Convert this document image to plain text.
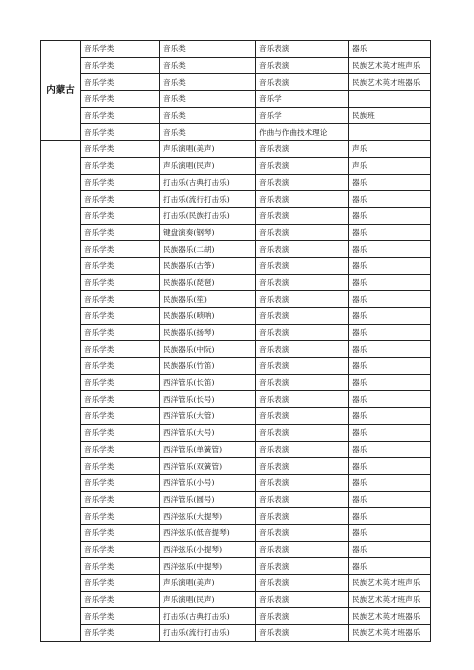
内蒙古	音乐学类	音乐类	音乐表演	器乐
	音乐学类	音乐类	音乐表演	民族艺术英才班声乐
	音乐学类	音乐类	音乐表演	民族艺术英才班器乐
	音乐学类	音乐类	音乐学	
	音乐学类	音乐类	音乐学	民族班
	音乐学类	音乐类	作曲与作曲技术理论	
	音乐学类	声乐演唱(美声)	音乐表演	声乐
	音乐学类	声乐演唱(民声)	音乐表演	声乐
	音乐学类	打击乐(古典打击乐)	音乐表演	器乐
	音乐学类	打击乐(流行打击乐)	音乐表演	器乐
	音乐学类	打击乐(民族打击乐)	音乐表演	器乐
	音乐学类	键盘演奏(钢琴)	音乐表演	器乐
	音乐学类	民族器乐(二胡)	音乐表演	器乐
	音乐学类	民族器乐(古筝)	音乐表演	器乐
	音乐学类	民族器乐(琵琶)	音乐表演	器乐
	音乐学类	民族器乐(笙)	音乐表演	器乐
	音乐学类	民族器乐(唢呐)	音乐表演	器乐
	音乐学类	民族器乐(扬琴)	音乐表演	器乐
	音乐学类	民族器乐(中阮)	音乐表演	器乐
	音乐学类	民族器乐(竹笛)	音乐表演	器乐
	音乐学类	西洋管乐(长笛)	音乐表演	器乐
	音乐学类	西洋管乐(长号)	音乐表演	器乐
	音乐学类	西洋管乐(大管)	音乐表演	器乐
	音乐学类	西洋管乐(大号)	音乐表演	器乐
	音乐学类	西洋管乐(单簧管)	音乐表演	器乐
	音乐学类	西洋管乐(双簧管)	音乐表演	器乐
	音乐学类	西洋管乐(小号)	音乐表演	器乐
	音乐学类	西洋管乐(圆号)	音乐表演	器乐
	音乐学类	西洋弦乐(大提琴)	音乐表演	器乐
	音乐学类	西洋弦乐(低音提琴)	音乐表演	器乐
	音乐学类	西洋弦乐(小提琴)	音乐表演	器乐
	音乐学类	西洋弦乐(中提琴)	音乐表演	器乐
	音乐学类	声乐演唱(美声)	音乐表演	民族艺术英才班声乐
	音乐学类	声乐演唱(民声)	音乐表演	民族艺术英才班声乐
	音乐学类	打击乐(古典打击乐)	音乐表演	民族艺术英才班器乐
	音乐学类	打击乐(流行打击乐)	音乐表演	民族艺术英才班器乐
